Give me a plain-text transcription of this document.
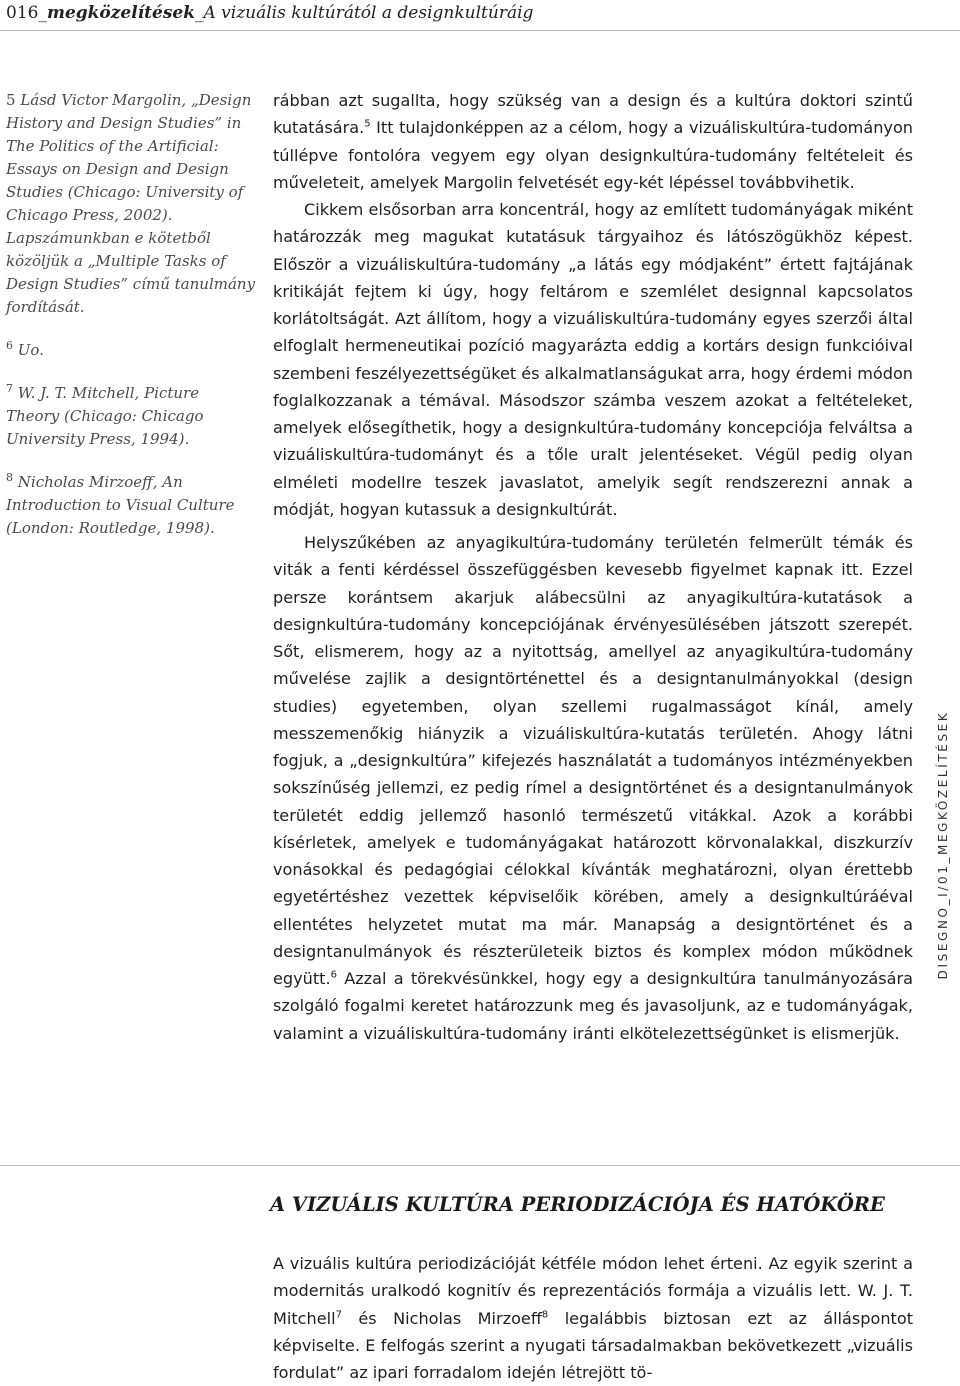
016_megközelítések_A vizuális kultúrától a designkultúráig

5 Lásd Victor Margolin, „Design History and Design Studies” in The Politics of the Artificial: Essays on Design and Design Studies (Chicago: University of Chicago Press, 2002). Lapszámunkban e kötetből közöljük a „Multiple Tasks of Design Studies” című tanulmány fordítását.

$^6$ Uo.

$^7$ W. J. T. Mitchell, Picture Theory (Chicago: Chicago University Press, 1994).

$^8$ Nicholas Mirzoeff, An Introduction to Visual Culture (London: Routledge, 1998).

rábban azt sugallta, hogy szükség van a design és a kultúra doktori szintű kutatására.$^5$ Itt tulajdonképpen az a célom, hogy a vizuáliskultúra-tudományon túllépve fontolóra vegyem egy olyan designkultúra-tudomány feltételeit és műveleteit, amelyek Margolin felvetését egy-két lépéssel továbbvihetik.

Cikkem elsősorban arra koncentrál, hogy az említett tudományágak miként határozzák meg magukat kutatásuk tárgyaihoz és látószögükhöz képest. Először a vizuáliskultúra-tudomány „a látás egy módjaként” értett fajtájának kritikáját fejtem ki úgy, hogy feltárom e szemlélet designnal kapcsolatos korlátoltságát. Azt állítom, hogy a vizuáliskultúra-tudomány egyes szerzői által elfoglalt hermeneutikai pozíció magyarázta eddig a kortárs design funkcióival szembeni feszélyezettségüket és alkalmatlanságukat arra, hogy érdemi módon foglalkozzanak a témával. Másodszor számba veszem azokat a feltételeket, amelyek elősegíthetik, hogy a designkultúra-tudomány koncepciója felváltsa a vizuáliskultúra-tudományt és a tőle uralt jelentéseket. Végül pedig olyan elméleti modellre teszek javaslatot, amelyik segít rendszerezni annak a módját, hogyan kutassuk a designkultúrát.

Helyszűkében az anyagikultúra-tudomány területén felmerült témák és viták a fenti kérdéssel összefüggésben kevesebb figyelmet kapnak itt. Ezzel persze korántsem akarjuk alábecsülni az anyagikultúra-kutatások a designkultúra-tudomány koncepciójának érvényesülésében játszott szerepét. Sőt, elismerem, hogy az a nyitottság, amellyel az anyagikultúra-tudomány művelése zajlik a designtörténettel és a designtanulmányokkal (design studies) egyetemben, olyan szellemi rugalmasságot kínál, amely messzemenőkig hiányzik a vizuáliskultúra-kutatás területén. Ahogy látni fogjuk, a „designkultúra” kifejezés használatát a tudományos intézményekben sokszínűség jellemzi, ez pedig rímel a designtörténet és a designtanulmányok területét eddig jellemző hasonló természetű vitákkal. Azok a korábbi kísérletek, amelyek e tudományágakat határozott körvonalakkal, diszkurzív vonásokkal és pedagógiai célokkal kívánták meghatározni, olyan érettebb egyetértéshez vezettek képviselőik körében, amely a designkultúráéval ellentétes helyzetet mutat ma már. Manapság a designtörténet és a designtanulmányok és részterületeik biztos és komplex módon működnek együtt.$^6$ Azzal a törekvésünkkel, hogy egy a designkultúra tanulmányozására szolgáló fogalmi keretet határozzunk meg és javasoljunk, az e tudományágak, valamint a vizuáliskultúra-tudomány iránti elkötelezettségünket is elismerjük.

A VIZUÁLIS KULTÚRA PERIODIZÁCIÓJA ÉS HATÓKÖRE

A vizuális kultúra periodizációját kétféle módon lehet érteni. Az egyik szerint a modernitás uralkodó kognitív és reprezentációs formája a vizuális lett. W. J. T. Mitchell$^7$ és Nicholas Mirzoeff$^8$ legalábbis biztosan ezt az álláspontot képviselte. E felfogás szerint a nyugati társadalmakban bekövetkezett „vizuális fordulat” az ipari forradalom idején létrejött tö-

DISEGNO_I/01_MEGKÖZELÍTÉSEK
